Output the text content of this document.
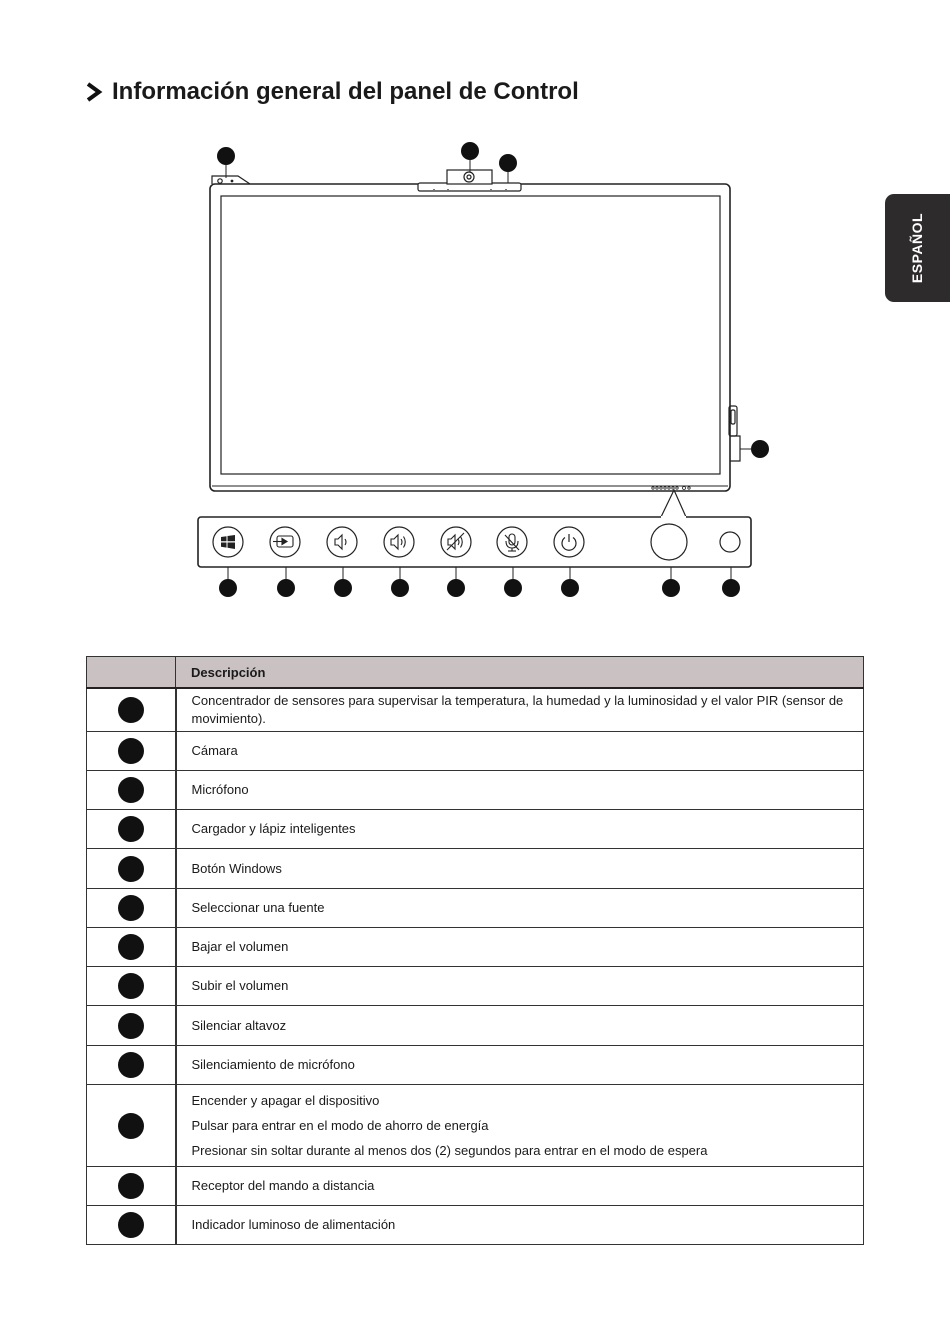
Información general del panel de Control
ESPAÑOL
	Descripción

	Concentrador de sensores para supervisar la temperatura, la humedad y la luminosidad y el valor PIR (sensor de movimiento).

	Cámara

	Micrófono

	Cargador y lápiz inteligentes

	Botón Windows

	Seleccionar una fuente

	Bajar el volumen

	Subir el volumen

	Silenciar altavoz

	Silenciamiento de micrófono

	Encender y apagar el dispositivo
Pulsar para entrar en el modo de ahorro de energía
Presionar sin soltar durante al menos dos (2) segundos para entrar en el modo de espera

	Receptor del mando a distancia

	Indicador luminoso de alimentación
